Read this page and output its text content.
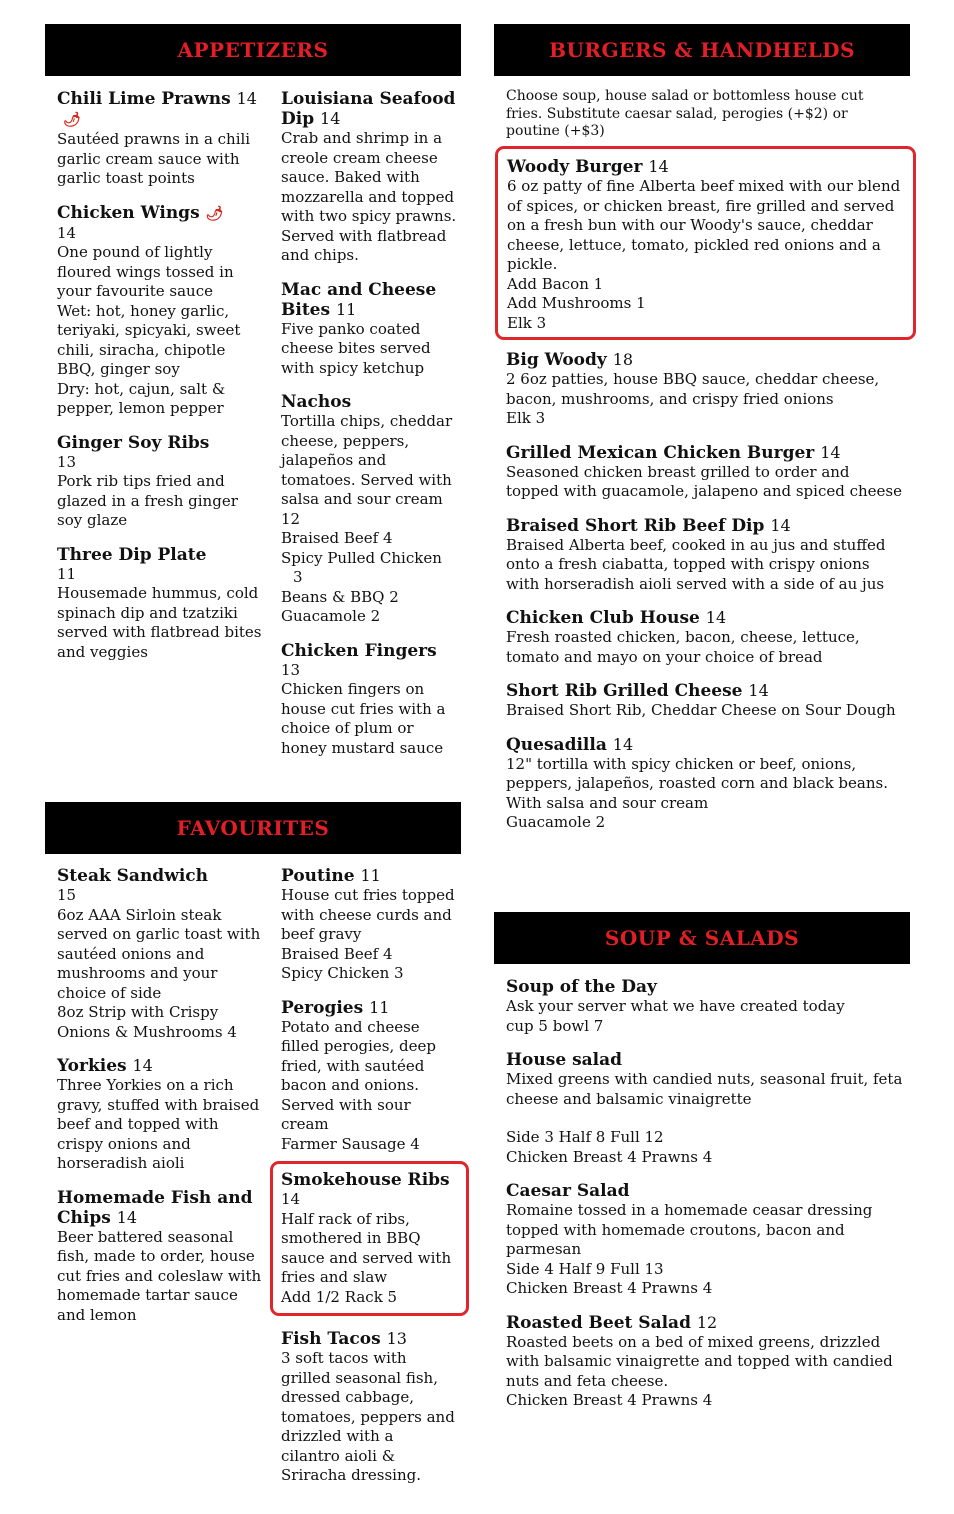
APPETIZERS	BURGERS & HANDHELDS
FAVOURITES
SOUP & SALADS
Chili Lime Prawns 14🌶
Sautéed prawns in a chili garlic cream sauce with garlic toast points
Chicken Wings 🌶
14
One pound of lightly floured wings tossed in your favourite sauce
Wet: hot, honey garlic, teriyaki, spicyaki, sweet chili, siracha, chipotle BBQ, ginger soy
Dry: hot, cajun, salt & pepper, lemon pepper
Ginger Soy Ribs
13
Pork rib tips fried and glazed in a fresh ginger soy glaze
Three Dip Plate
11
Housemade hummus, cold spinach dip and tzatziki served with flatbread bites and veggies
Louisiana Seafood Dip 14
Crab and shrimp in a creole cream cheese sauce. Baked with mozzarella and topped with two spicy prawns. Served with flatbread and chips.
Mac and Cheese Bites 11
Five panko coated cheese bites served with spicy ketchup
Nachos
Tortilla chips, cheddar cheese, peppers, jalapeños and tomatoes. Served with salsa and sour cream  12
Braised Beef 4
Spicy Pulled Chicken
3
Beans & BBQ 2
Guacamole 2
Chicken Fingers
13
Chicken fingers on house cut fries with a choice of plum or honey mustard sauce
Steak Sandwich
15
6oz AAA Sirloin steak served on garlic toast with sautéed onions and mushrooms and your choice of side
8oz Strip with Crispy Onions & Mushrooms 4
Yorkies 14
Three Yorkies on a rich gravy, stuffed with braised beef and topped with crispy onions and horseradish aioli
Homemade Fish and Chips 14
Beer battered seasonal fish, made to order, house cut fries and coleslaw with homemade tartar sauce and lemon
Poutine 11
House cut fries topped with cheese curds and beef gravy
Braised Beef 4
Spicy Chicken 3
Perogies 11
Potato and cheese filled perogies, deep fried, with sautéed bacon and onions. Served with sour cream
Farmer Sausage 4
Smokehouse Ribs
14
Half rack of ribs, smothered in BBQ sauce and served with fries and slaw
Add 1/2 Rack 5
Fish Tacos 13
3 soft tacos with grilled seasonal fish, dressed cabbage, tomatoes, peppers and drizzled with a cilantro aioli & Sriracha dressing.
Choose soup, house salad or bottomless house cut fries. Substitute caesar salad, perogies (+$2) or poutine (+$3)
Woody Burger 14
6 oz patty of fine Alberta beef mixed with our blend of spices, or chicken breast, fire grilled and served on a fresh bun with our Woody's sauce, cheddar cheese, lettuce, tomato, pickled red onions and a pickle.
Add Bacon 1
Add Mushrooms 1
Elk 3
Big Woody 18
2 6oz patties, house BBQ sauce, cheddar cheese, bacon, mushrooms, and crispy fried onions
Elk 3
Grilled Mexican Chicken Burger 14
Seasoned chicken breast grilled to order and topped with guacamole, jalapeno and spiced cheese
Braised Short Rib Beef Dip 14
Braised Alberta beef, cooked in au jus and stuffed onto a fresh ciabatta, topped with crispy onions with horseradish aioli served with a side of au jus
Chicken Club House 14
Fresh roasted chicken, bacon, cheese, lettuce, tomato and mayo on your choice of bread
Short Rib Grilled Cheese 14
Braised Short Rib, Cheddar Cheese on Sour Dough
Quesadilla 14
12" tortilla with spicy chicken or beef, onions, peppers, jalapeños, roasted corn and black beans. With salsa and sour cream
Guacamole 2
Soup of the Day
Ask your server what we have created today
cup 5 bowl 7
House salad
Mixed greens with candied nuts, seasonal fruit, feta cheese and balsamic vinaigrette
Side 3 Half 8 Full 12
Chicken Breast 4 Prawns 4
Caesar Salad
Romaine tossed in a homemade ceasar dressing topped with homemade croutons, bacon and parmesan
Side 4 Half 9 Full 13
Chicken Breast 4 Prawns 4
Roasted Beet Salad 12
Roasted beets on a bed of mixed greens, drizzled with balsamic vinaigrette and topped with candied nuts and feta cheese.
Chicken Breast 4 Prawns 4
